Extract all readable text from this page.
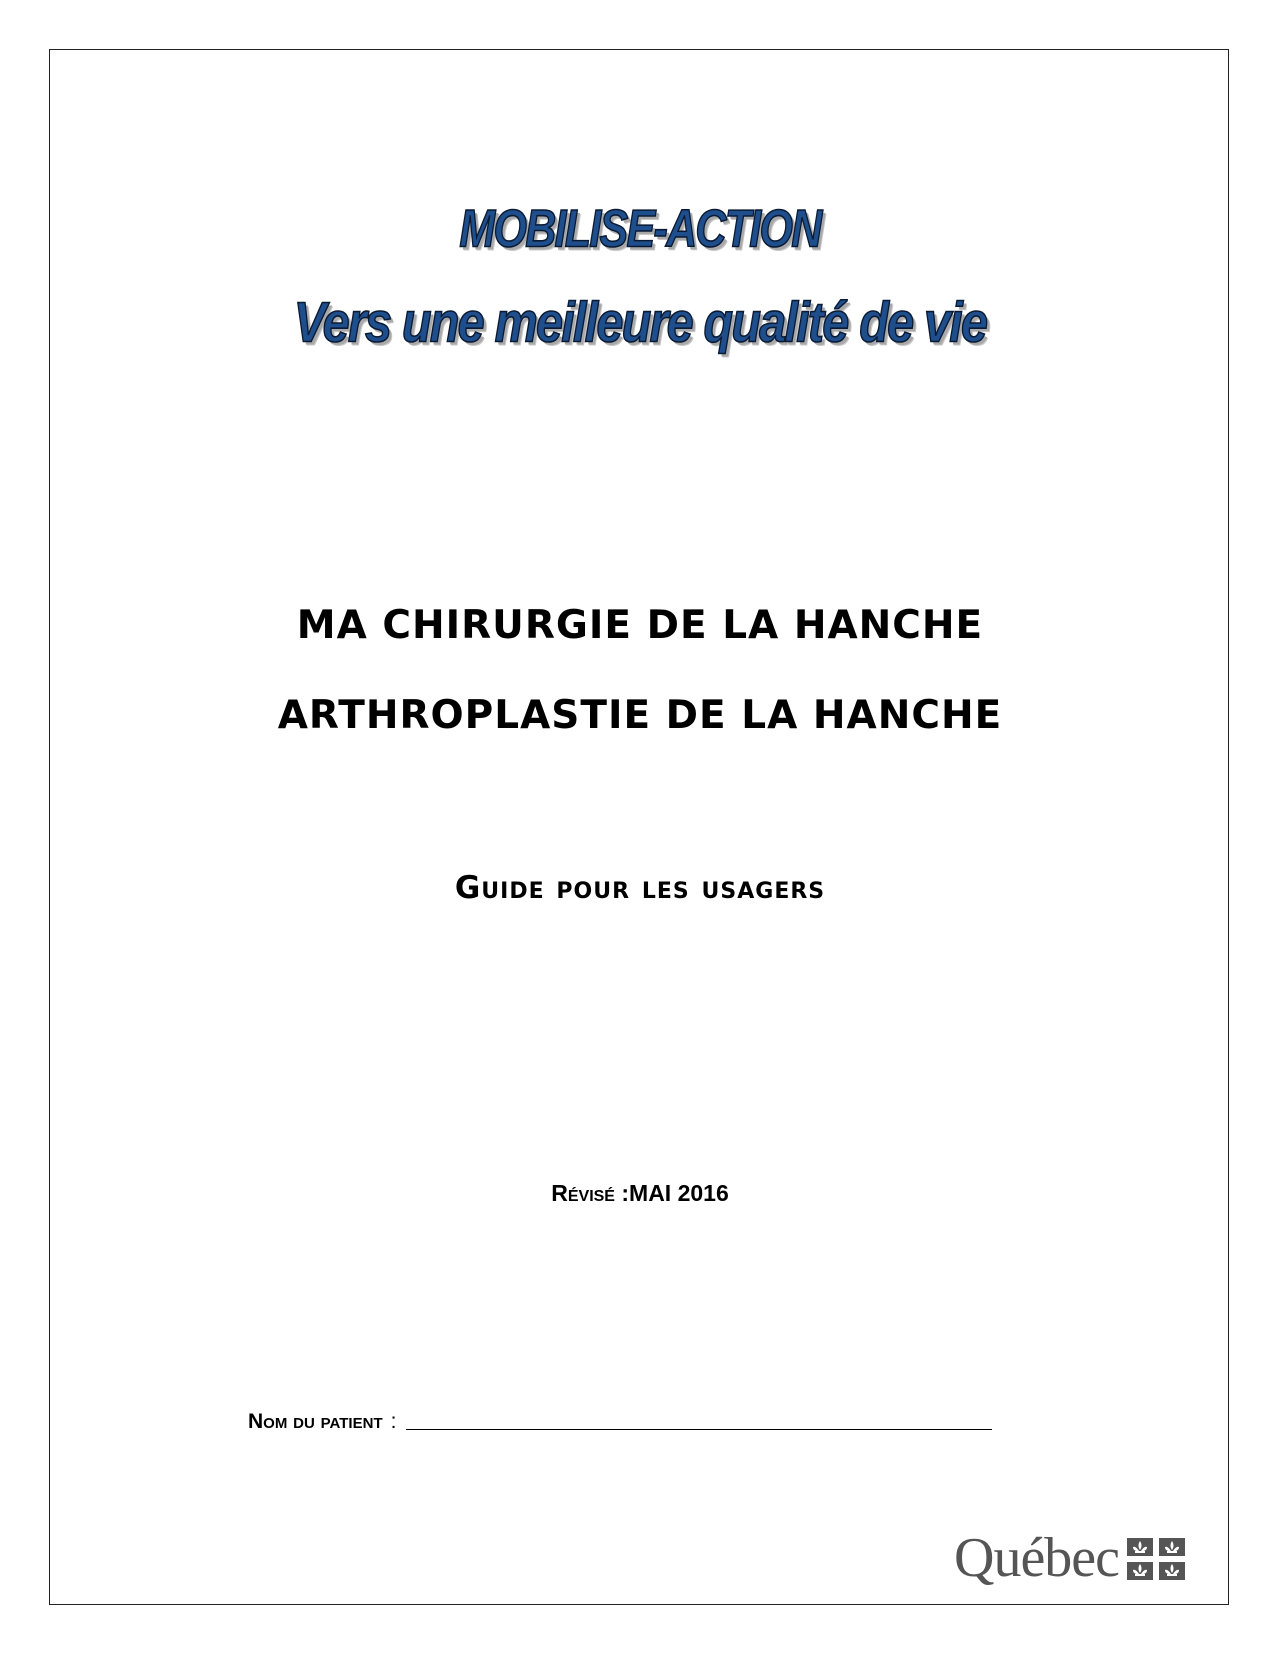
MOBILISE-ACTION
Vers une meilleure qualité de vie
MA CHIRURGIE DE LA HANCHE
ARTHROPLASTIE DE LA HANCHE
Guide pour les usagers
Révisé :MAI 2016
Nom du patient :
Québec
